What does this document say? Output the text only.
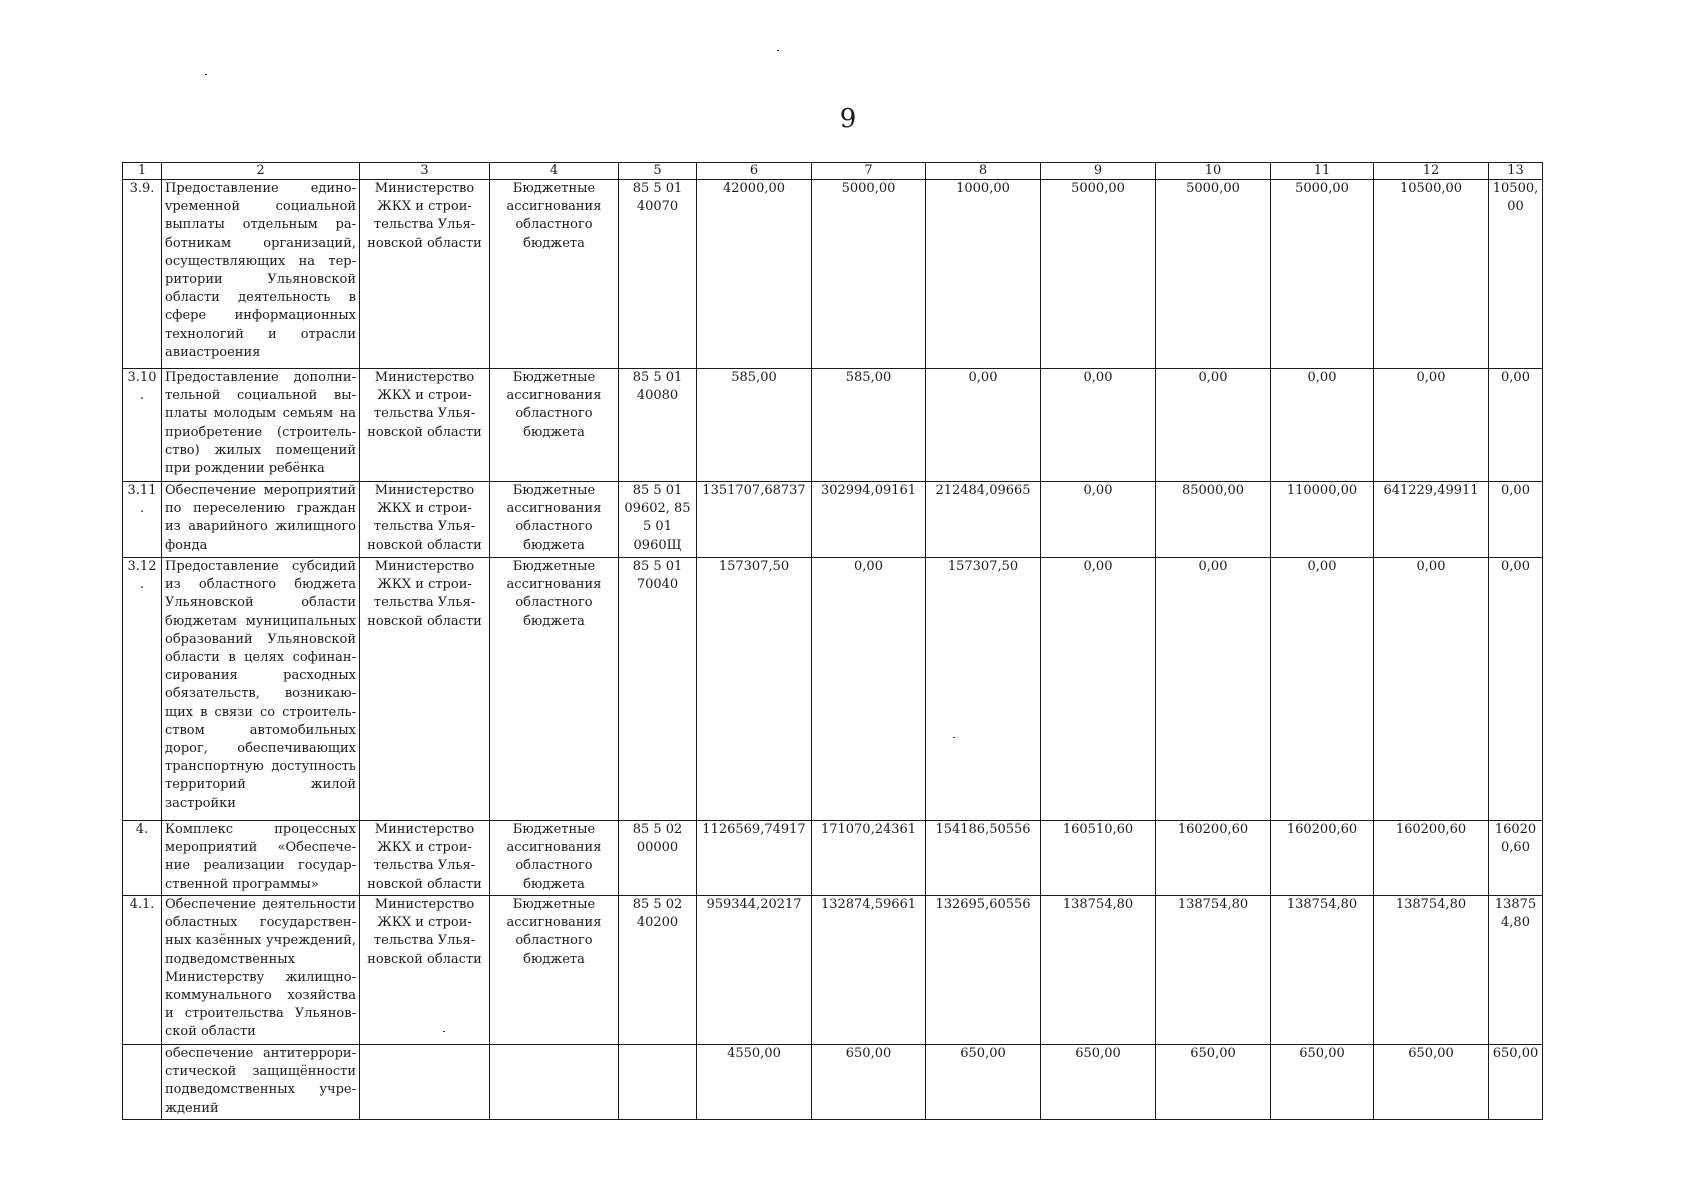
9
1	2	3	4	5	6	7	8	9	10	11	12	13
3.9.	Предоставление единоvременной социальной выплаты отдельным работникам организаций, осуществляющих на территории Ульяновской области деятельность в сфере информационных технологий и отрасли авиастроения	Министерство ЖКХ и строи-тельства Улья-новской области	Бюджетные ассигнования областного бюджета	85 5 01 40070	42000,00	5000,00	1000,00	5000,00	5000,00	5000,00	10500,00	10500,00
3.10.	Предоставление дополнительной социальной выплаты молодым семьям на приобретение (строительство) жилых помещений при рождении ребёнка	Министерство ЖКХ и строи-тельства Улья-новской области	Бюджетные ассигнования областного бюджета	85 5 01 40080	585,00	585,00	0,00	0,00	0,00	0,00	0,00	0,00
3.11.	Обеспечение мероприятий по переселению граждан из аварийного жилищного фонда	Министерство ЖКХ и строи-тельства Улья-новской области	Бюджетные ассигнования областного бюджета	85 5 01 09602, 85 5 01 0960Щ	1351707,68737	302994,09161	212484,09665	0,00	85000,00	110000,00	641229,49911	0,00
3.12.	Предоставление субсидий из областного бюджета Ульяновской области бюджетам муниципальных образований Ульяновской области в целях софинансирования расходных обязательств, возникающих в связи со строительством автомобильных дорог, обеспечивающих транспортную доступность территорий жилой застройки	Министерство ЖКХ и строи-тельства Улья-новской области	Бюджетные ассигнования областного бюджета	85 5 01 70040	157307,50	0,00	157307,50	0,00	0,00	0,00	0,00	0,00
4.	Комплекс процессных мероприятий «Обеспечение реализации государственной программы»	Министерство ЖКХ и строи-тельства Улья-новской области	Бюджетные ассигнования областного бюджета	85 5 02 00000	1126569,74917	171070,24361	154186,50556	160510,60	160200,60	160200,60	160200,60	160200,60
4.1.	Обеспечение деятельности областных государственных казённых учреждений, подведомственных Министерству жилищно-коммунального хозяйства и строительства Ульяновской области	Министерство ЖКХ и строи-тельства Улья-новской области	Бюджетные ассигнования областного бюджета	85 5 02 40200	959344,20217	132874,59661	132695,60556	138754,80	138754,80	138754,80	138754,80	138754,80
	обеспечение антитеррористической защищённости подведомственных учреждений				4550,00	650,00	650,00	650,00	650,00	650,00	650,00	650,00
